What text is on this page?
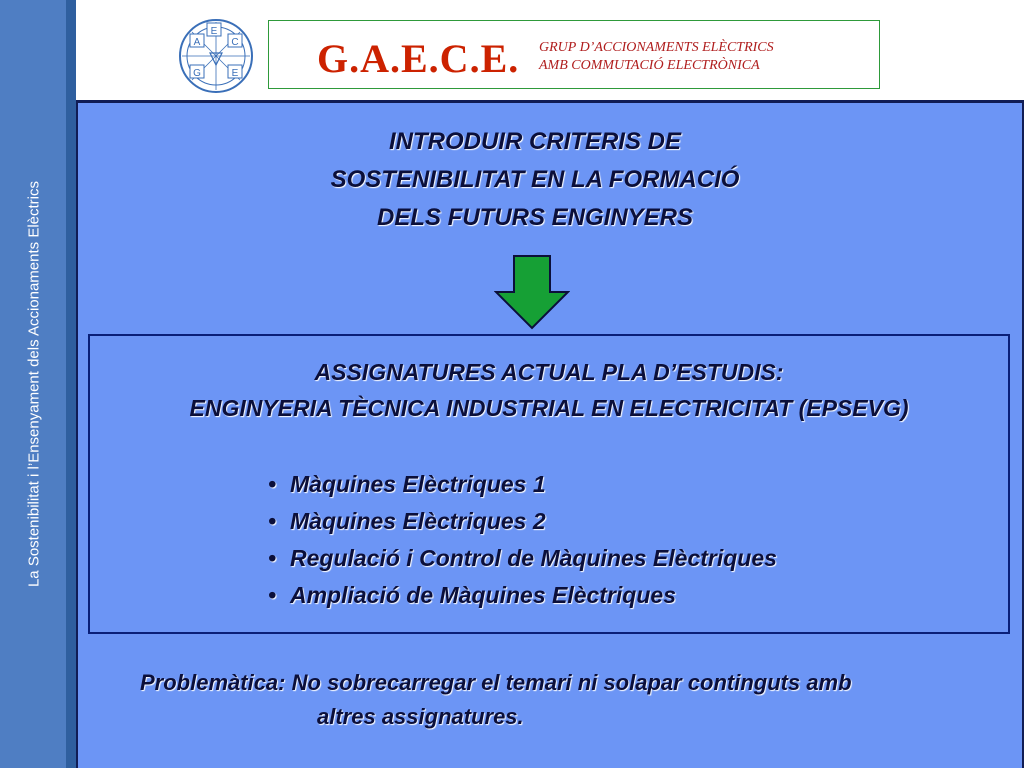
La Sostenibilitat i l’Ensenyament dels Accionaments Elèctrics
E
C
A
G	E G.A.E.C.E. GRUP D’ACCIONAMENTS ELÈCTRICS
AMB COMMUTACIÓ ELECTRÒNICA
INTRODUIR CRITERIS DE
SOSTENIBILITAT EN LA FORMACIÓ
DELS FUTURS ENGINYERS
ASSIGNATURES ACTUAL PLA D’ESTUDIS:
ENGINYERIA TÈCNICA INDUSTRIAL EN ELECTRICITAT (EPSEVG)
• Màquines Elèctriques 1
• Màquines Elèctriques 2
• Regulació i Control de Màquines Elèctriques
• Ampliació de Màquines Elèctriques
Problemàtica: No sobrecarregar el temari ni solapar continguts amb
altres assignatures.
